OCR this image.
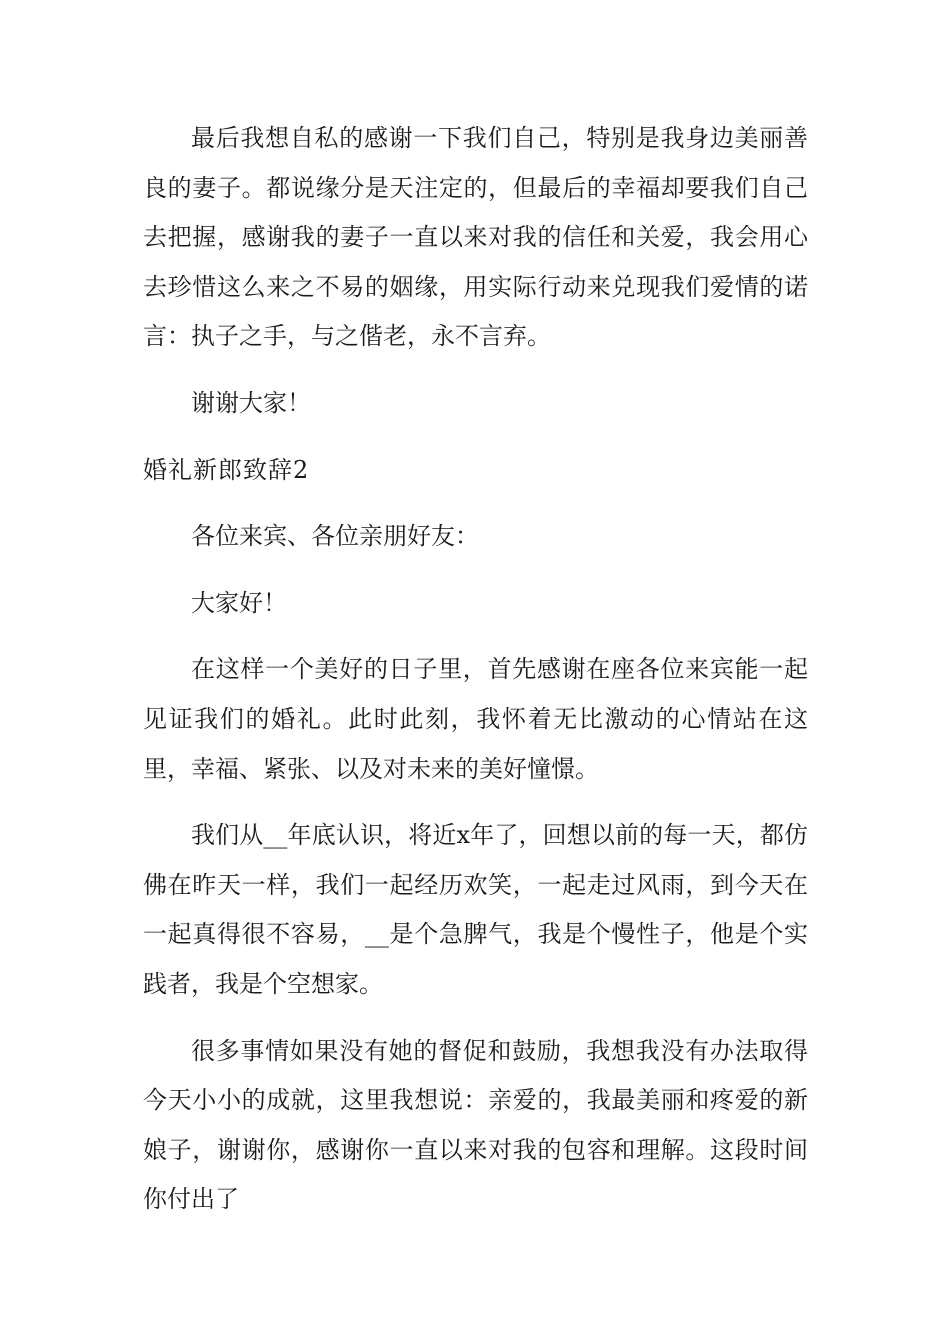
最后我想自私的感谢一下我们自己，特别是我身边美丽善良的妻子。都说缘分是天注定的，但最后的幸福却要我们自己去把握，感谢我的妻子一直以来对我的信任和关爱，我会用心去珍惜这么来之不易的姻缘，用实际行动来兑现我们爱情的诺言：执子之手，与之偕老，永不言弃。

谢谢大家！

婚礼新郎致辞2

各位来宾、各位亲朋好友：

大家好！

在这样一个美好的日子里，首先感谢在座各位来宾能一起见证我们的婚礼。此时此刻，我怀着无比激动的心情站在这里，幸福、紧张、以及对未来的美好憧憬。

我们从__年底认识，将近x年了，回想以前的每一天，都仿佛在昨天一样，我们一起经历欢笑，一起走过风雨，到今天在一起真得很不容易，__是个急脾气，我是个慢性子，他是个实践者，我是个空想家。

很多事情如果没有她的督促和鼓励，我想我没有办法取得今天小小的成就，这里我想说：亲爱的，我最美丽和疼爱的新娘子，谢谢你，感谢你一直以来对我的包容和理解。这段时间你付出了
